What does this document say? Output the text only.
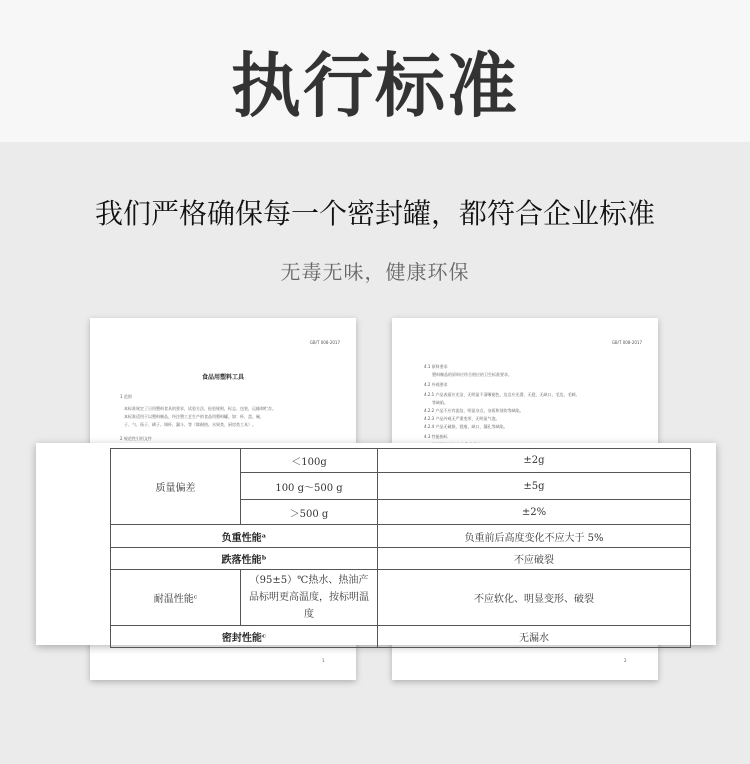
执行标准
我们严格确保每一个密封罐，都符合企业标准
无毒无味，健康环保
GB/T 008-2017
食品用塑料工具
1 范围
本标准规定了日用塑料食具的要求，试验方法，检验规则，标志，包装，运输和贮存。
本标准适用于以塑料制品，经注塑工艺生产的食品用塑料罐。如：杯、盘、碗、
子、勺、筷子、刷子、调杯、漏斗、等（除耐热、水果类、厨房类工具）。
2 规范性引用文件
1
GB/T 008-2017
4.1 原料要求
塑料制品的原料应符合相应的卫生标准要求。
4.2 外观要求
4.2.1 产品表面应光洁，无明显不清晰褪色，边沿应光滑，无裂，无缺口，毛边，毛刺，
等缺陷。
4.2.2 产品不应有流纹，明显杂点，杂质和划伤等缺陷。
4.2.3 产品外观无严重变形，无明显气泡。
4.2.4 产品无破损，裂痕，缺口，漏孔等缺陷。
4.3 性能指标
2
质量偏差	＜100g	±2g
	100 g～500 g	±5g
	＞500 g	±2%
负重性能ᵃ		负重前后高度变化不应大于 5%
跌落性能ᵇ		不应破裂
耐温性能ᶜ	（95±5）℃热水、热油产品标明更高温度，按标明温度	不应软化、明显变形、破裂
密封性能ᶜ		无漏水
